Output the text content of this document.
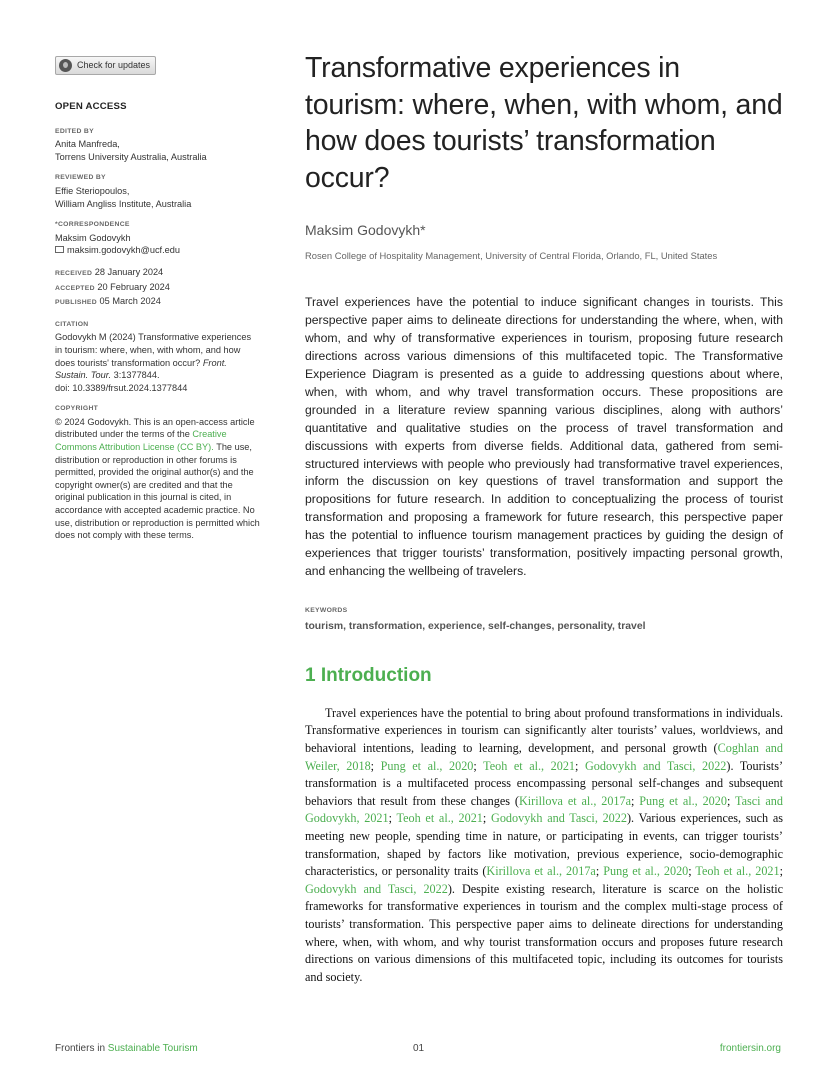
Check for updates
OPEN ACCESS
EDITED BY
Anita Manfreda,
Torrens University Australia, Australia
REVIEWED BY
Effie Steriopoulos,
William Angliss Institute, Australia
*CORRESPONDENCE
Maksim Godovykh
maksim.godovykh@ucf.edu
RECEIVED 28 January 2024
ACCEPTED 20 February 2024
PUBLISHED 05 March 2024
CITATION
Godovykh M (2024) Transformative experiences in tourism: where, when, with whom, and how does tourists' transformation occur? Front. Sustain. Tour. 3:1377844.
doi: 10.3389/frsut.2024.1377844
COPYRIGHT
© 2024 Godovykh. This is an open-access article distributed under the terms of the Creative Commons Attribution License (CC BY). The use, distribution or reproduction in other forums is permitted, provided the original author(s) and the copyright owner(s) are credited and that the original publication in this journal is cited, in accordance with accepted academic practice. No use, distribution or reproduction is permitted which does not comply with these terms.
Transformative experiences in tourism: where, when, with whom, and how does tourists’ transformation occur?
Maksim Godovykh*
Rosen College of Hospitality Management, University of Central Florida, Orlando, FL, United States

Travel experiences have the potential to induce significant changes in tourists. This perspective paper aims to delineate directions for understanding the where, when, with whom, and why of transformative experiences in tourism, proposing future research directions across various dimensions of this multifaceted topic. The Transformative Experience Diagram is presented as a guide to addressing questions about where, when, with whom, and why travel transformation occurs. These propositions are grounded in a literature review spanning various disciplines, along with authors’ quantitative and qualitative studies on the process of travel transformation and discussions with experts from diverse fields. Additional data, gathered from semi-structured interviews with people who previously had transformative travel experiences, inform the discussion on key questions of travel transformation and support the propositions for future research. In addition to conceptualizing the process of tourist transformation and proposing a framework for future research, this perspective paper has the potential to influence tourism management practices by guiding the design of experiences that trigger tourists’ transformation, positively impacting personal growth, and enhancing the wellbeing of travelers.

KEYWORDS
tourism, transformation, experience, self-changes, personality, travel
1 Introduction

Travel experiences have the potential to bring about profound transformations in individuals. Transformative experiences in tourism can significantly alter tourists’ values, worldviews, and behavioral intentions, leading to learning, development, and personal growth (Coghlan and Weiler, 2018; Pung et al., 2020; Teoh et al., 2021; Godovykh and Tasci, 2022). Tourists’ transformation is a multifaceted process encompassing personal self-changes and subsequent behaviors that result from these changes (Kirillova et al., 2017a; Pung et al., 2020; Tasci and Godovykh, 2021; Teoh et al., 2021; Godovykh and Tasci, 2022). Various experiences, such as meeting new people, spending time in nature, or participating in events, can trigger tourists’ transformation, shaped by factors like motivation, previous experience, socio-demographic characteristics, or personality traits (Kirillova et al., 2017a; Pung et al., 2020; Teoh et al., 2021; Godovykh and Tasci, 2022). Despite existing research, literature is scarce on the holistic frameworks for transformative experiences in tourism and the complex multi-stage process of tourists’ transformation. This perspective paper aims to delineate directions for understanding where, when, with whom, and why tourist transformation occurs and proposes future research directions on various dimensions of this multifaceted topic, including its outcomes for tourists and society.

Frontiers in Sustainable Tourism	01	frontiersin.org
